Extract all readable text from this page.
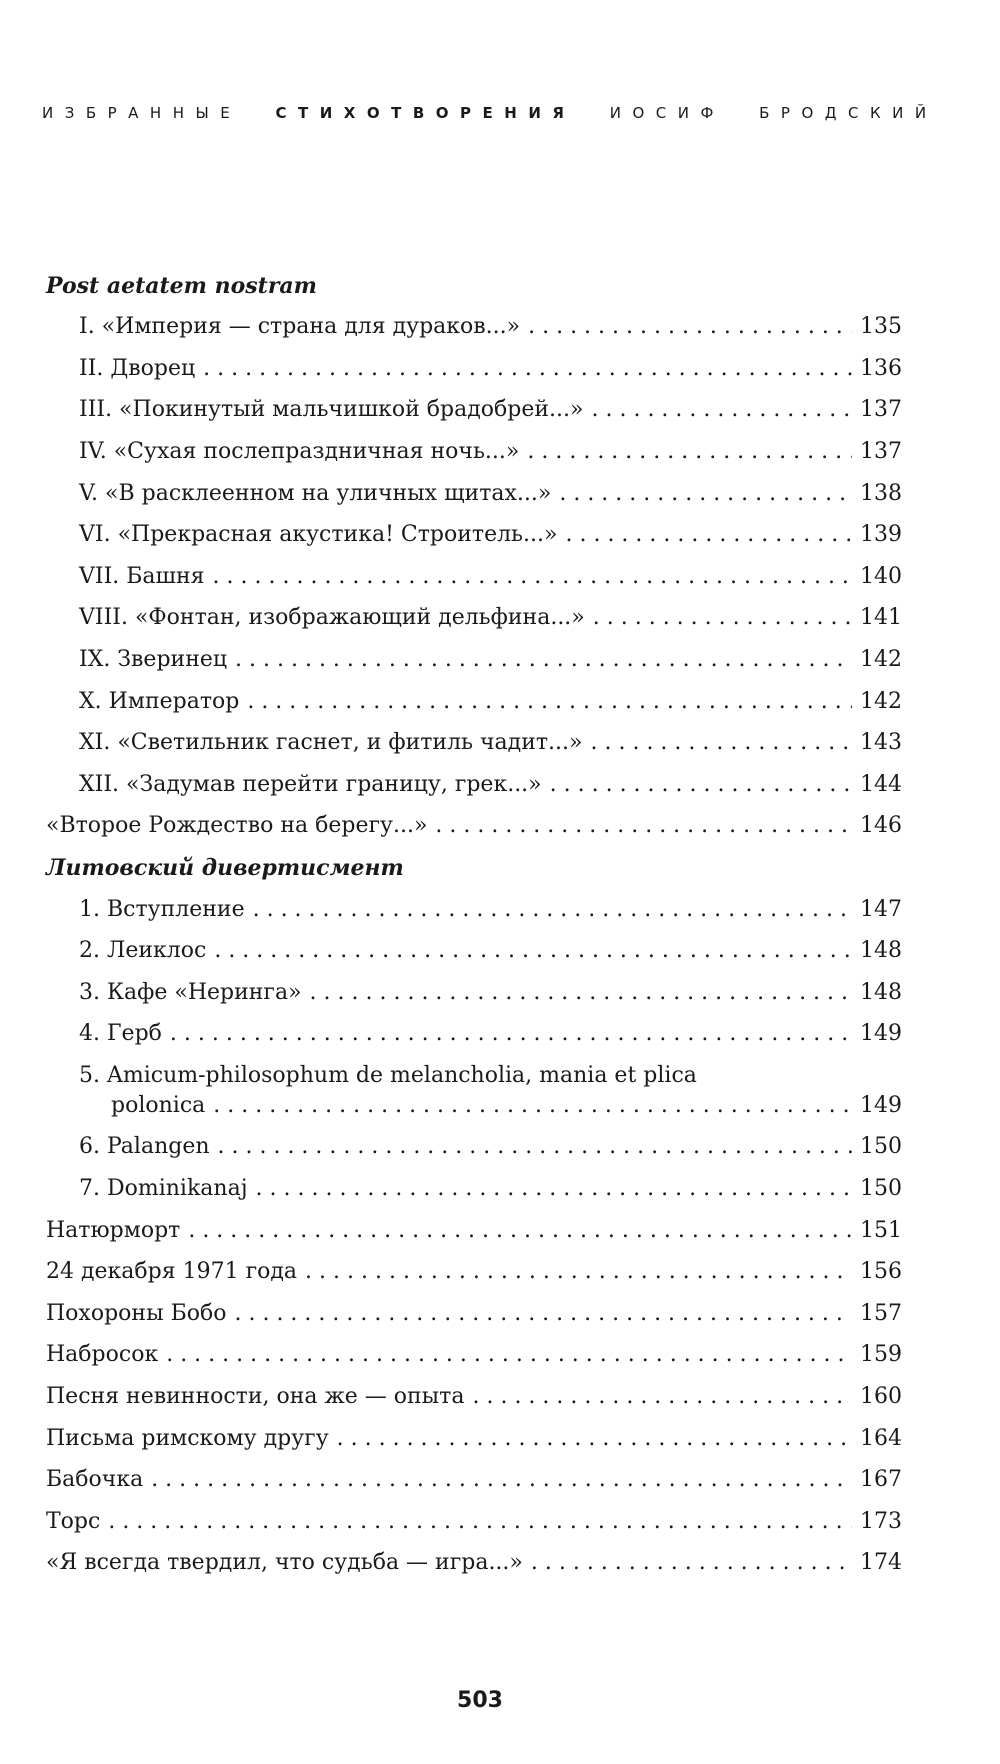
ИЗБРАННЫЕ СТИХОТВОРЕНИЯ ИОСИФ БРОДСКИЙ
Post aetatem nostram
I. «Империя — страна для дураков...» . . .	135
II. Дворец . . .	136
III. «Покинутый мальчишкой брадобрей...» . . .	137
IV. «Сухая послепраздничная ночь...» . . .	137
V. «В расклеенном на уличных щитах...» . . .	138
VI. «Прекрасная акустика! Строитель...» . . .	139
VII. Башня . . .	140
VIII. «Фонтан, изображающий дельфина...» . . .	141
IX. Зверинец . . .	142
X. Император . . .	142
XI. «Светильник гаснет, и фитиль чадит...» . . .	143
XII. «Задумав перейти границу, грек...» . . .	144
«Второе Рождество на берегу...» . . .	146
Литовский дивертисмент
1. Вступление . . .	147
2. Леиклос . . .	148
3. Кафе «Неринга» . . .	148
4. Герб . . .	149
5. Amicum-philosophum de melancholia, mania et plica
polonica . . .	149
6. Palangen . . .	150
7. Dominikanaj . . .	150
Натюрморт . . .	151
24 декабря 1971 года . . .	156
Похороны Бобо . . .	157
Набросок . . .	159
Песня невинности, она же — опыта . . .	160
Письма римскому другу . . .	164
Бабочка . . .	167
Торс . . .	173
«Я всегда твердил, что судьба — игра...» . . .	174
503
